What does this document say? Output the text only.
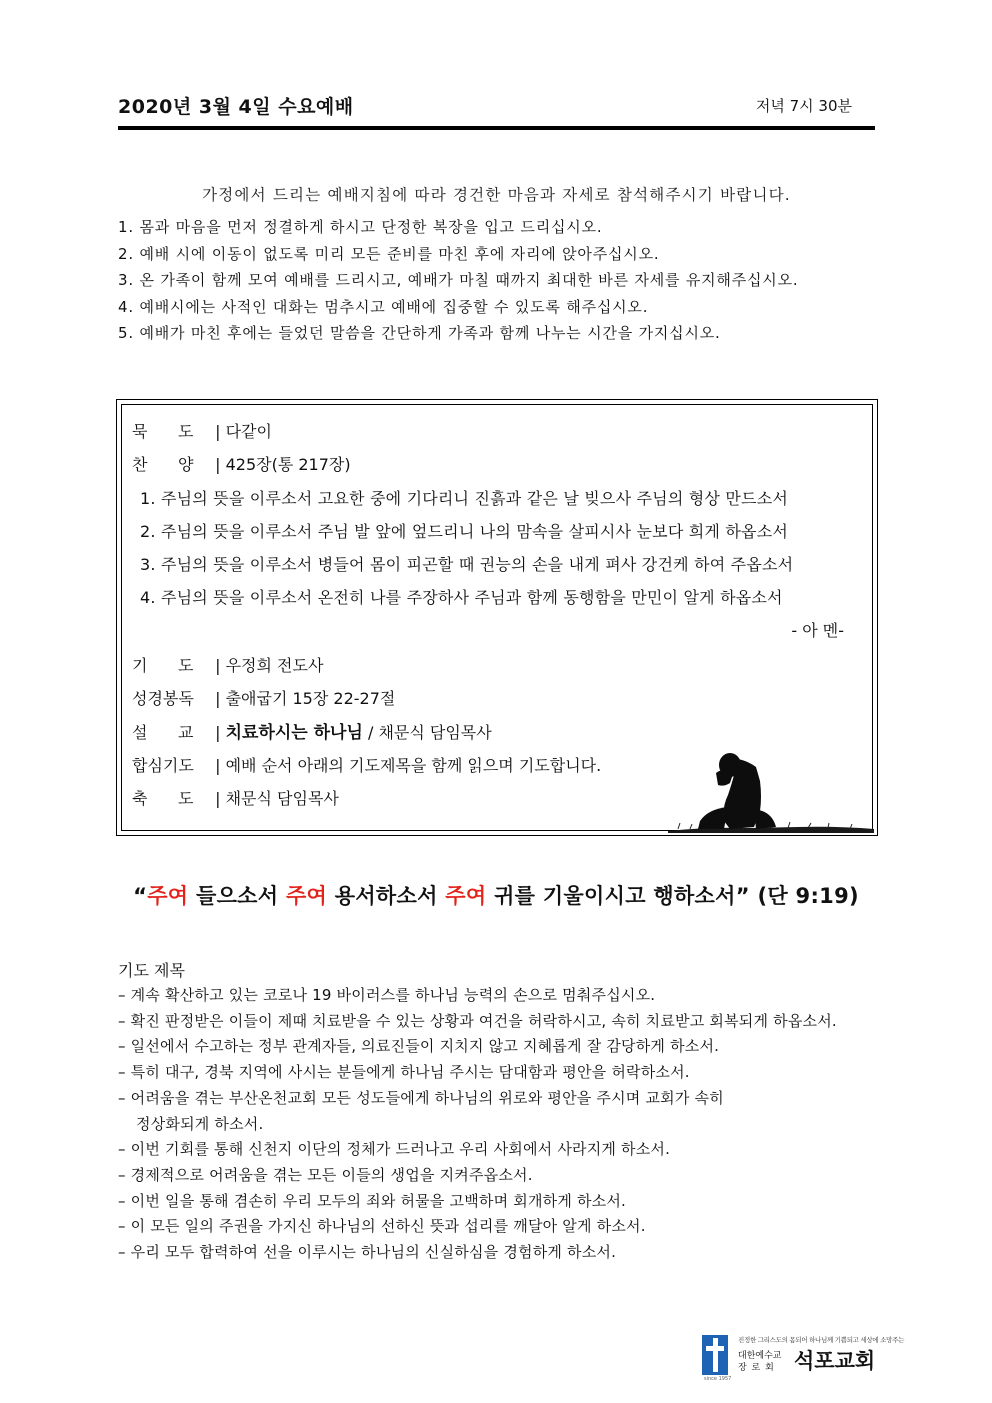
2020년 3월 4일 수요예배	저녁 7시 30분
가정에서 드리는 예배지침에 따라 경건한 마음과 자세로 참석해주시기 바랍니다.
1. 몸과 마음을 먼저 정결하게 하시고 단정한 복장을 입고 드리십시오.
2. 예배 시에 이동이 없도록 미리 모든 준비를 마친 후에 자리에 앉아주십시오.
3. 온 가족이 함께 모여 예배를 드리시고, 예배가 마칠 때까지 최대한 바른 자세를 유지해주십시오.
4. 예배시에는 사적인 대화는 멈추시고 예배에 집중할 수 있도록 해주십시오.
5. 예배가 마친 후에는 들었던 말씀을 간단하게 가족과 함께 나누는 시간을 가지십시오.
묵      도 | 다같이
찬      양 | 425장(통 217장)
1. 주님의 뜻을 이루소서 고요한 중에 기다리니 진흙과 같은 날 빚으사 주님의 형상 만드소서
2. 주님의 뜻을 이루소서 주님 발 앞에 엎드리니 나의 맘속을 살피시사 눈보다 희게 하옵소서
3. 주님의 뜻을 이루소서 병들어 몸이 피곤할 때 권능의 손을 내게 펴사 강건케 하여 주옵소서
4. 주님의 뜻을 이루소서 온전히 나를 주장하사 주님과 함께 동행함을 만민이 알게 하옵소서
- 아 멘-
기      도 | 우정희 전도사
성경봉독 | 출애굽기 15장 22-27절
설      교 | 치료하시는 하나님 / 채문식 담임목사
합심기도 | 예배 순서 아래의 기도제목을 함께 읽으며 기도합니다.
축      도 | 채문식 담임목사
“주여 들으소서 주여 용서하소서 주여 귀를 기울이시고 행하소서” (단 9:19)
기도 제목
– 계속 확산하고 있는 코로나 19 바이러스를 하나님 능력의 손으로 멈춰주십시오.
– 확진 판정받은 이들이 제때 치료받을 수 있는 상황과 여건을 허락하시고, 속히 치료받고 회복되게 하옵소서.
– 일선에서 수고하는 정부 관계자들, 의료진들이 지치지 않고 지혜롭게 잘 감당하게 하소서.
– 특히 대구, 경북 지역에 사시는 분들에게 하나님 주시는 담대함과 평안을 허락하소서.
– 어려움을 겪는 부산온천교회 모든 성도들에게 하나님의 위로와 평안을 주시며 교회가 속히
정상화되게 하소서.
– 이번 기회를 통해 신천지 이단의 정체가 드러나고 우리 사회에서 사라지게 하소서.
– 경제적으로 어려움을 겪는 모든 이들의 생업을 지켜주옵소서.
– 이번 일을 통해 겸손히 우리 모두의 죄와 허물을 고백하며 회개하게 하소서.
– 이 모든 일의 주권을 가지신 하나님의 선하신 뜻과 섭리를 깨달아 알게 하소서.
– 우리 모두 합력하여 선을 이루시는 하나님의 신실하심을 경험하게 하소서.
since 1957
진정한 그리스도의 몸되어 하나님께 기쁨되고 세상에 소망주는
대한예수교
장 로 회 석포교회
